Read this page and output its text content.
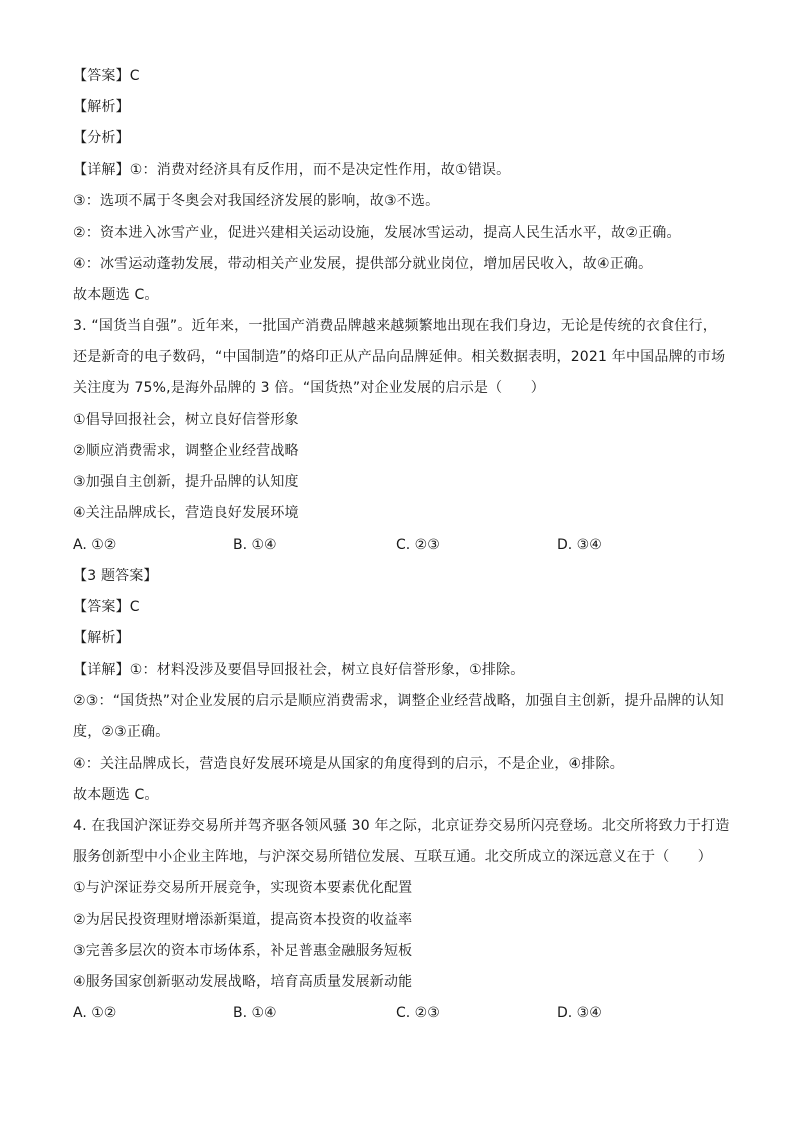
【答案】C
【解析】
【分析】
【详解】①：消费对经济具有反作用，而不是决定性作用，故①错误。
③：选项不属于冬奥会对我国经济发展的影响，故③不选。
②：资本进入冰雪产业，促进兴建相关运动设施，发展冰雪运动，提高人民生活水平，故②正确。
④：冰雪运动蓬勃发展，带动相关产业发展，提供部分就业岗位，增加居民收入，故④正确。
故本题选 C。
3. “国货当自强”。近年来，一批国产消费品牌越来越频繁地出现在我们身边，无论是传统的衣食住行，
还是新奇的电子数码，“中国制造”的烙印正从产品向品牌延伸。相关数据表明，2021 年中国品牌的市场
关注度为 75%,是海外品牌的 3 倍。“国货热”对企业发展的启示是（　　）
①倡导回报社会，树立良好信誉形象
②顺应消费需求，调整企业经营战略
③加强自主创新，提升品牌的认知度
④关注品牌成长，营造良好发展环境
A. ①②	B. ①④	C. ②③	D. ③④
【3 题答案】
【答案】C
【解析】
【详解】①：材料没涉及要倡导回报社会，树立良好信誉形象，①排除。
②③：“国货热”对企业发展的启示是顺应消费需求，调整企业经营战略，加强自主创新，提升品牌的认知
度，②③正确。
④：关注品牌成长，营造良好发展环境是从国家的角度得到的启示，不是企业，④排除。
故本题选 C。
4. 在我国沪深证券交易所并驾齐驱各领风骚 30 年之际，北京证券交易所闪亮登场。北交所将致力于打造
服务创新型中小企业主阵地，与沪深交易所错位发展、互联互通。北交所成立的深远意义在于（　　）
①与沪深证券交易所开展竞争，实现资本要素优化配置
②为居民投资理财增添新渠道，提高资本投资的收益率
③完善多层次的资本市场体系，补足普惠金融服务短板
④服务国家创新驱动发展战略，培育高质量发展新动能
A. ①②	B. ①④	C. ②③	D. ③④
